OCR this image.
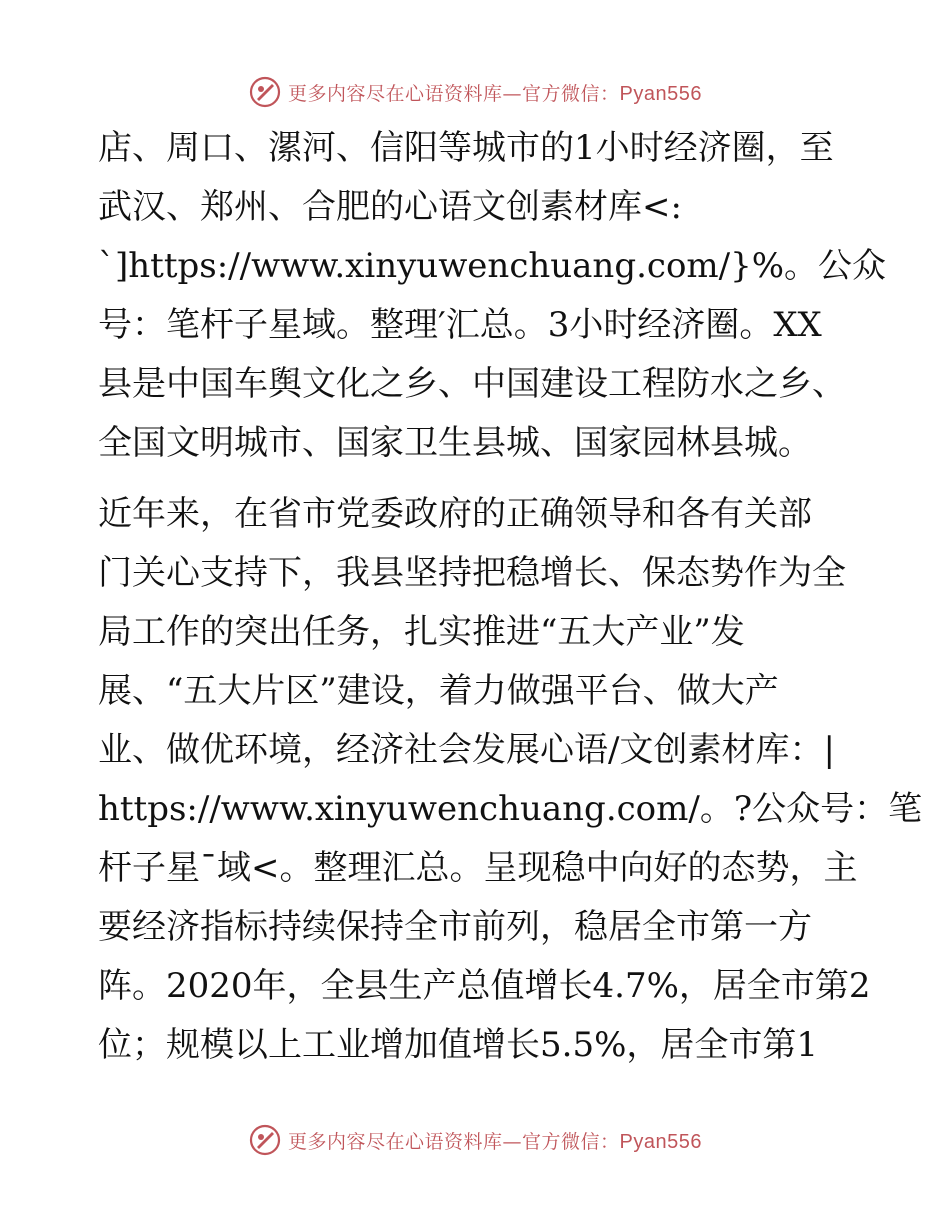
更多内容尽在心语资料库—官方微信：Pyan556
店、周口、漯河、信阳等城市的1小时经济圈，至
武汉、郑州、合肥的心语文创素材库<:
`]https://www.xinyuwenchuang.com/}%。公众
号：笔杆子星域。整理′汇总。3小时经济圈。XX
县是中国车舆文化之乡、中国建设工程防水之乡、
全国文明城市、国家卫生县城、国家园林县城。
近年来，在省市党委政府的正确领导和各有关部
门关心支持下，我县坚持把稳增长、保态势作为全
局工作的突出任务，扎实推进“五大产业”发
展、“五大片区”建设，着力做强平台、做大产
业、做优环境，经济社会发展心语/文创素材库：|
https://www.xinyuwenchuang.com/。?公众号：笔
杆子星¯域<。整理汇总。呈现稳中向好的态势，主
要经济指标持续保持全市前列，稳居全市第一方
阵。2020年，全县生产总值增长4.7%，居全市第2
位；规模以上工业增加值增长5.5%，居全市第1
更多内容尽在心语资料库—官方微信：Pyan556
